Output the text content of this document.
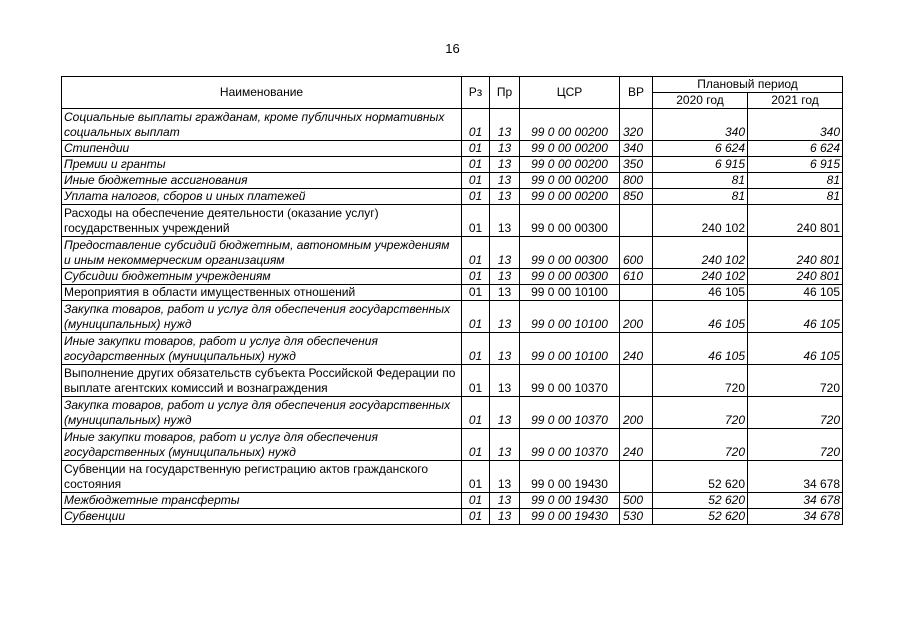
16
Наименование	Рз	Пр	ЦСР	ВР	Плановый период	
					2020 год	2021 год
Социальные выплаты гражданам, кроме публичных нормативных социальных выплат	01	13	99 0 00 00200	320	340	340
Стипендии	01	13	99 0 00 00200	340	6 624	6 624
Премии и гранты	01	13	99 0 00 00200	350	6 915	6 915
Иные бюджетные ассигнования	01	13	99 0 00 00200	800	81	81
Уплата налогов, сборов и иных платежей	01	13	99 0 00 00200	850	81	81
Расходы на обеспечение деятельности (оказание услуг) государственных учреждений	01	13	99 0 00 00300		240 102	240 801
Предоставление субсидий бюджетным, автономным учреждениям и иным некоммерческим организациям	01	13	99 0 00 00300	600	240 102	240 801
Субсидии бюджетным учреждениям	01	13	99 0 00 00300	610	240 102	240 801
Мероприятия в области имущественных отношений	01	13	99 0 00 10100		46 105	46 105
Закупка товаров, работ и услуг для обеспечения государственных (муниципальных) нужд	01	13	99 0 00 10100	200	46 105	46 105
Иные закупки товаров, работ и услуг для обеспечения государственных (муниципальных) нужд	01	13	99 0 00 10100	240	46 105	46 105
Выполнение других обязательств субъекта Российской Федерации по выплате агентских комиссий и вознаграждения	01	13	99 0 00 10370		720	720
Закупка товаров, работ и услуг для обеспечения государственных (муниципальных) нужд	01	13	99 0 00 10370	200	720	720
Иные закупки товаров, работ и услуг для обеспечения государственных (муниципальных) нужд	01	13	99 0 00 10370	240	720	720
Субвенции на государственную регистрацию актов гражданского состояния	01	13	99 0 00 19430		52 620	34 678
Межбюджетные трансферты	01	13	99 0 00 19430	500	52 620	34 678
Субвенции	01	13	99 0 00 19430	530	52 620	34 678
